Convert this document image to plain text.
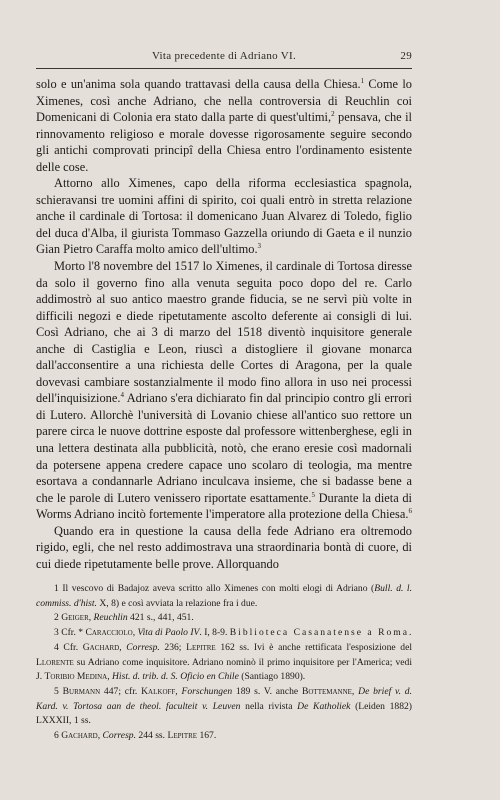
Vita precedente di Adriano VI.	29

solo e un'anima sola quando trattavasi della causa della Chiesa.$^1$ Come lo Ximenes, così anche Adriano, che nella controversia di Reuchlin coi Domenicani di Colonia era stato dalla parte di quest'ultimi,$^2$ pensava, che il rinnovamento religioso e morale dovesse rigorosamente seguire secondo gli antichi comprovati principî della Chiesa entro l'ordinamento esistente delle cose.

Attorno allo Ximenes, capo della riforma ecclesiastica spagnola, schieravansi tre uomini affini di spirito, coi quali entrò in stretta relazione anche il cardinale di Tortosa: il domenicano Juan Alvarez di Toledo, figlio del duca d'Alba, il giurista Tommaso Gazzella oriundo di Gaeta e il nunzio Gian Pietro Caraffa molto amico dell'ultimo.$^3$

Morto l'8 novembre del 1517 lo Ximenes, il cardinale di Tortosa diresse da solo il governo fino alla venuta seguita poco dopo del re. Carlo addimostrò al suo antico maestro grande fiducia, se ne servì più volte in difficili negozi e diede ripetutamente ascolto deferente ai consigli di lui. Così Adriano, che ai 3 di marzo del 1518 diventò inquisitore generale anche di Castiglia e Leon, riuscì a distogliere il giovane monarca dall'acconsentire a una richiesta delle Cortes di Aragona, per la quale dovevasi cambiare sostanzialmente il modo fino allora in uso nei processi dell'inquisizione.$^4$ Adriano s'era dichiarato fin dal principio contro gli errori di Lutero. Allorchè l'università di Lovanio chiese all'antico suo rettore un parere circa le nuove dottrine esposte dal professore wittenberghese, egli in una lettera destinata alla pubblicità, notò, che erano eresie così madornali da potersene appena credere capace uno scolaro di teologia, ma mentre esortava a condannarle Adriano inculcava insieme, che si badasse bene a che le parole di Lutero venissero riportate esattamente.$^5$ Durante la dieta di Worms Adriano incitò fortemente l'imperatore alla protezione della Chiesa.$^6$

Quando era in questione la causa della fede Adriano era oltremodo rigido, egli, che nel resto addimostrava una straordinaria bontà di cuore, di cui diede ripetutamente belle prove. Allorquando

1 Il vescovo di Badajoz aveva scritto allo Ximenes con molti elogi di Adriano (Bull. d. l. commiss. d'hist. X, 8) e così avviata la relazione fra i due.

2 Geiger, Reuchlin 421 s., 441, 451.

3 Cfr. * Caracciolo, Vita di Paolo IV. I, 8-9. Biblioteca Casanatense a Roma.

4 Cfr. Gachard, Corresp. 236; Lepitre 162 ss. Ivi è anche rettificata l'esposizione del Llorente su Adriano come inquisitore. Adriano nominò il primo inquisitore per l'America; vedi J. Toribio Medina, Hist. d. trib. d. S. Oficio en Chile (Santiago 1890).

5 Burmann 447; cfr. Kalkoff, Forschungen 189 s. V. anche Bottemanne, De brief v. d. Kard. v. Tortosa aan de theol. faculteit v. Leuven nella rivista De Katholiek (Leiden 1882) LXXXII, 1 ss.

6 Gachard, Corresp. 244 ss. Lepitre 167.
